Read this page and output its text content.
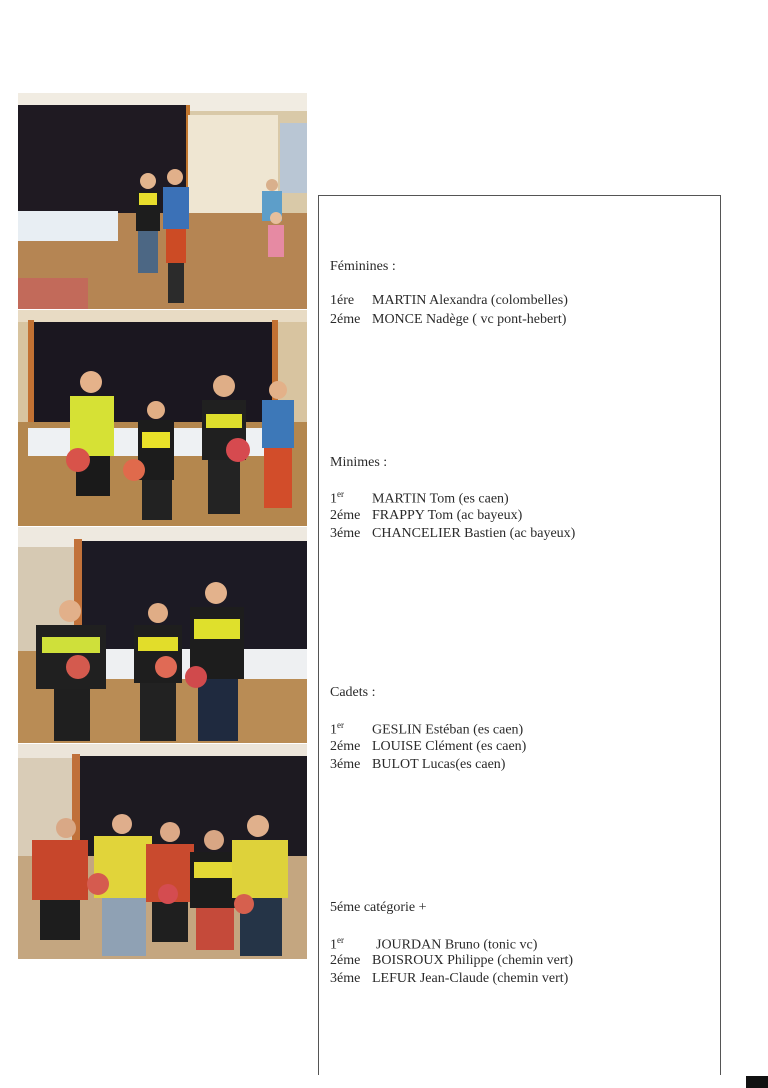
Féminines :
1ére MARTIN Alexandra (colombelles)
2éme MONCE Nadège ( vc pont-hebert)
Minimes :
1er MARTIN Tom (es caen)
2éme FRAPPY Tom (ac bayeux)
3éme CHANCELIER Bastien (ac bayeux)
Cadets :
1er GESLIN Estéban (es caen)
2éme LOUISE Clément (es caen)
3éme BULOT Lucas(es caen)
5éme catégorie +
1er JOURDAN Bruno (tonic vc)
2éme BOISROUX Philippe (chemin vert)
3éme LEFUR Jean-Claude (chemin vert)
